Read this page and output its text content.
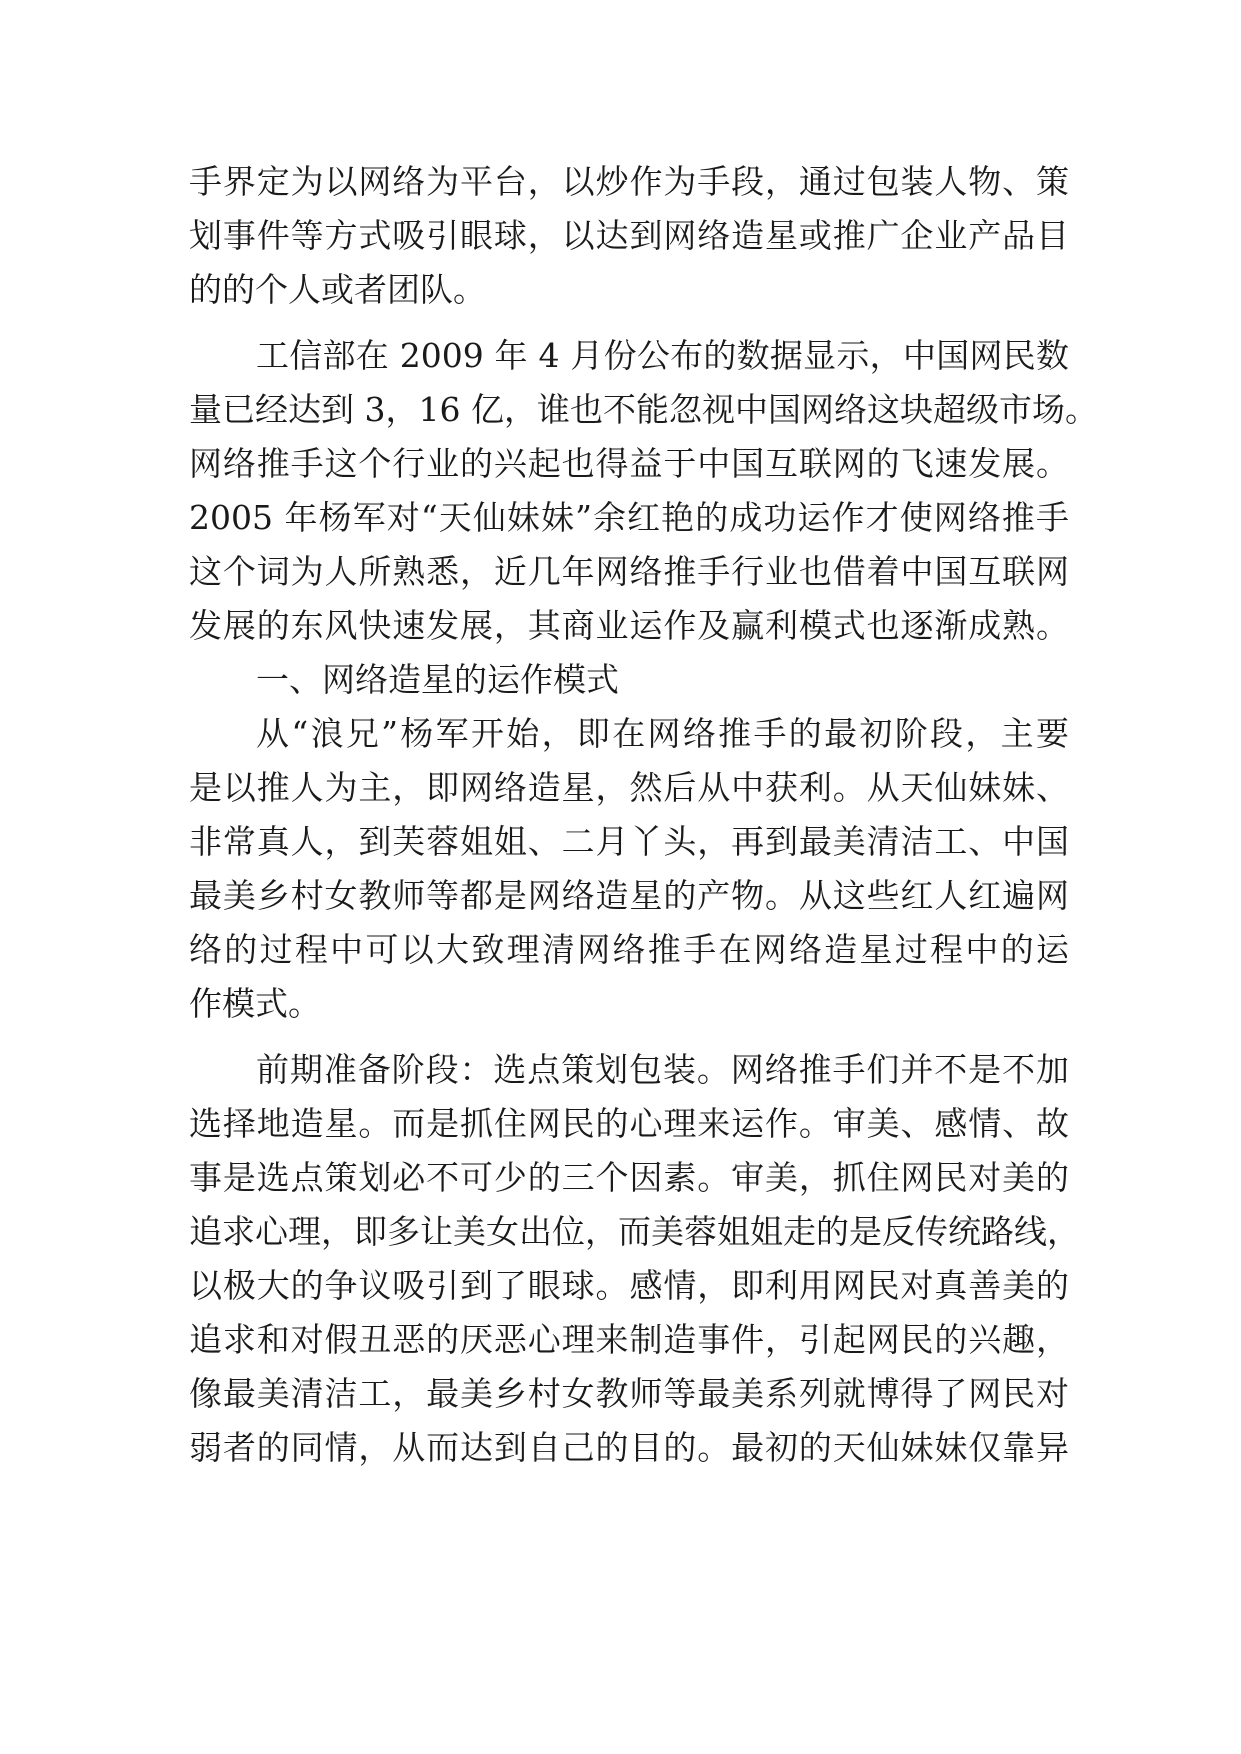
手界定为以网络为平台，以炒作为手段，通过包装人物、策

划事件等方式吸引眼球，以达到网络造星或推广企业产品目

的的个人或者团队。

工信部在 2009 年 4 月份公布的数据显示，中国网民数

量已经达到 3，16 亿，谁也不能忽视中国网络这块超级市场。

网络推手这个行业的兴起也得益于中国互联网的飞速发展。

2005 年杨军对“天仙妹妹”余红艳的成功运作才使网络推手

这个词为人所熟悉，近几年网络推手行业也借着中国互联网

发展的东风快速发展，其商业运作及赢利模式也逐渐成熟。

一、网络造星的运作模式

从“浪兄”杨军开始，即在网络推手的最初阶段，主要

是以推人为主，即网络造星，然后从中获利。从天仙妹妹、

非常真人，到芙蓉姐姐、二月丫头，再到最美清洁工、中国

最美乡村女教师等都是网络造星的产物。从这些红人红遍网

络的过程中可以大致理清网络推手在网络造星过程中的运

作模式。

前期准备阶段：选点策划包装。网络推手们并不是不加

选择地造星。而是抓住网民的心理来运作。审美、感情、故

事是选点策划必不可少的三个因素。审美，抓住网民对美的

追求心理，即多让美女出位，而美蓉姐姐走的是反传统路线，

以极大的争议吸引到了眼球。感情，即利用网民对真善美的

追求和对假丑恶的厌恶心理来制造事件，引起网民的兴趣，

像最美清洁工，最美乡村女教师等最美系列就博得了网民对

弱者的同情，从而达到自己的目的。最初的天仙妹妹仅靠异
